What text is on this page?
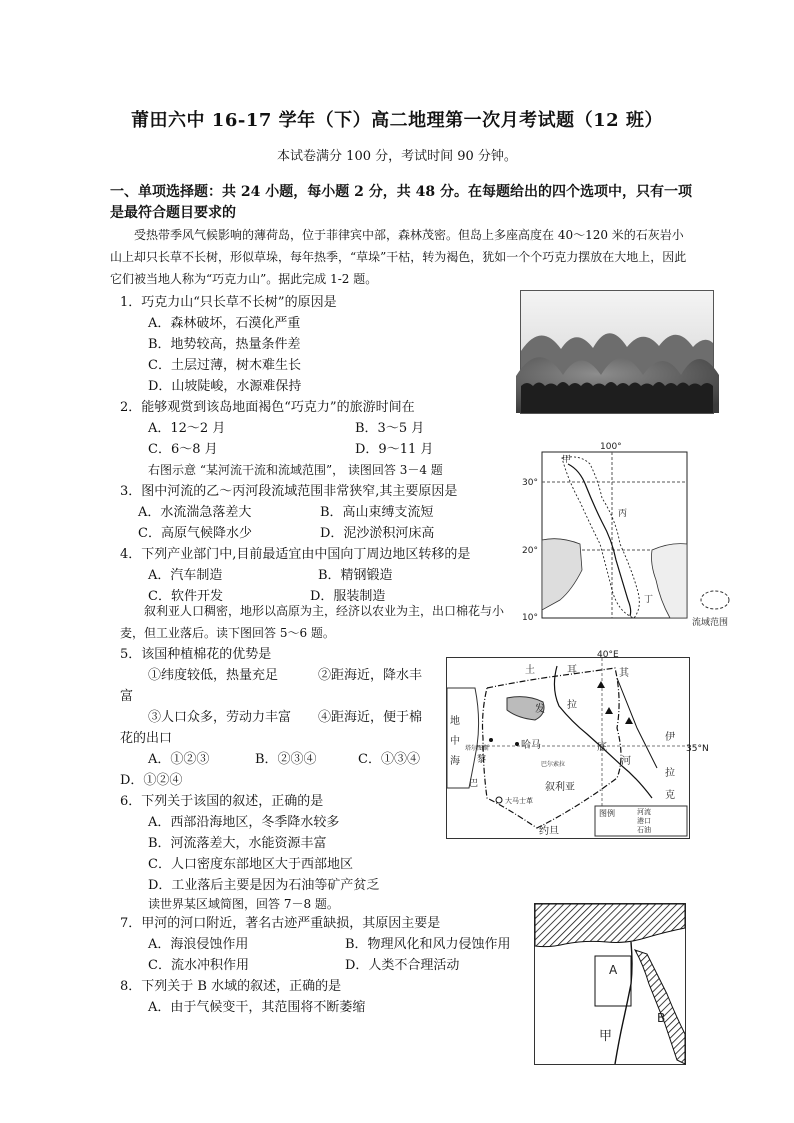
莆田六中 16-17 学年（下）高二地理第一次月考试题（12 班）
本试卷满分 100 分，考试时间 90 分钟。
一、单项选择题：共 24 小题，每小题 2 分，共 48 分。在每题给出的四个选项中，只有一项是最符合题目要求的
受热带季风气候影响的薄荷岛，位于菲律宾中部，森林茂密。但岛上多座高度在 40～120 米的石灰岩小山上却只长草不长树，形似草垛，每年热季，“草垛”干枯，转为褐色，犹如一个个巧克力摆放在大地上，因此它们被当地人称为“巧克力山”。据此完成 1-2 题。
1．巧克力山“只长草不长树”的原因是
A．森林破坏，石漠化严重
B．地势较高，热量条件差
C．土层过薄，树木难生长
D．山坡陡峻，水源难保持
2．能够观赏到该岛地面褐色“巧克力”的旅游时间在
A．12～2 月	B．3～5 月
C．6～8 月	D．9～11 月
右图示意 “某河流干流和流域范围”， 读图回答 3－4 题
3．图中河流的乙～丙河段流域范围非常狭窄,其主要原因是
A．水流湍急落差大	B．高山束缚支流短
C．高原气候降水少	D．泥沙淤积河床高
4．下列产业部门中,目前最适宜由中国向丁周边地区转移的是
A．汽车制造	B．精钢锻造
C．软件开发	D．服装制造
100°
30°
20°
10°
甲
丙
丁
流域范围
叙利亚人口稠密，地形以高原为主，经济以农业为主，出口棉花与小麦，但工业落后。读下图回答 5～6 题。
5．该国种植棉花的优势是
①纬度较低，热量充足	②距海近，降水丰
富
③人口众多，劳动力丰富 ④距海近，便于棉
花的出口
A．①②③	B．②③④	C．①③④
D．①②④
40°E
土	耳	其
发 拉
底
河
伊
拉
克
地
中
海 黎
巴
哈马
塔尔图斯
巴尔索拉
叙利亚
大马士革
约旦
图例	河流
港口
石油
35°N
6．下列关于该国的叙述，正确的是
A．西部沿海地区，冬季降水较多
B．河流落差大，水能资源丰富
C．人口密度东部地区大于西部地区
D．工业落后主要是因为石油等矿产贫乏
读世界某区域简图，回答 7－8 题。
7．甲河的河口附近，著名古迹严重缺损，其原因主要是
A．海浪侵蚀作用	B．物理风化和风力侵蚀作用
C．流水冲积作用	D．人类不合理活动
8．下列关于 B 水域的叙述，正确的是
A．由于气候变干，其范围将不断萎缩
A
B
甲
